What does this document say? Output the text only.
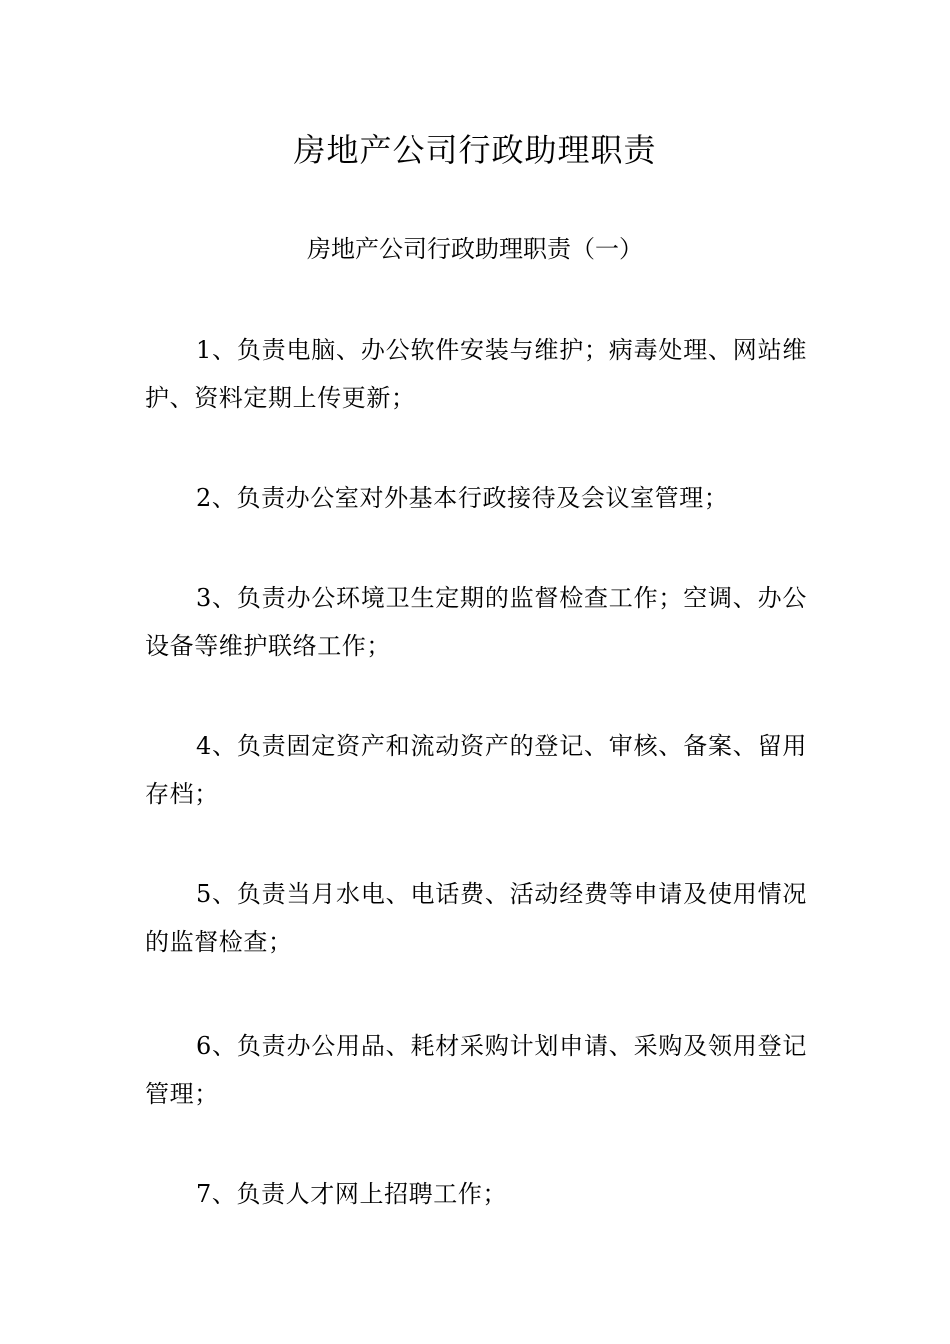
房地产公司行政助理职责

房地产公司行政助理职责（一）

1、负责电脑、办公软件安装与维护；病毒处理、网站维护、资料定期上传更新；

2、负责办公室对外基本行政接待及会议室管理；

3、负责办公环境卫生定期的监督检查工作；空调、办公设备等维护联络工作；

4、负责固定资产和流动资产的登记、审核、备案、留用存档；

5、负责当月水电、电话费、活动经费等申请及使用情况的监督检查；

6、负责办公用品、耗材采购计划申请、采购及领用登记管理；

7、负责人才网上招聘工作；
